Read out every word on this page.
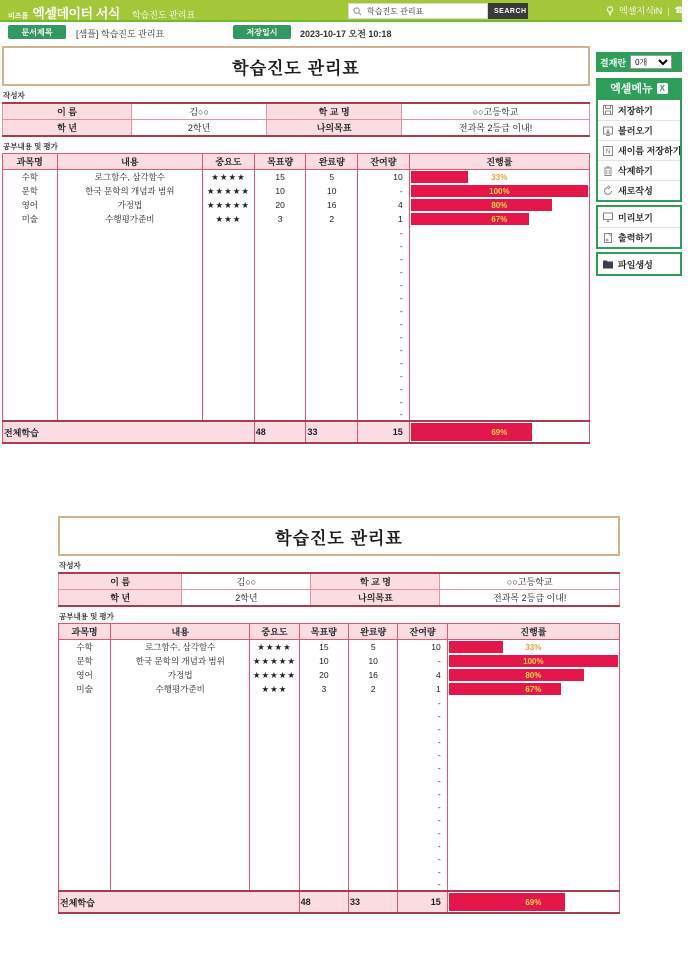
비즈폼 엑셀데이터 서식 학습진도 관리표
학습진도 관리표	SEARCH	엑셀지식iN | ☎ 엑
문서제목	[샘플] 학습진도 관리표	저장일시	2023-10-17 오전 10:18
학습진도 관리표
작성자
이 름	김○○	학 교 명	○○고등학교
학 년	2학년	나의목표	전과목 2등급 이내!
공부내용 및 평가
과목명	내용	중요도	목표량	완료량	잔여량	진행률
수학	로그함수, 삼각함수	★★★★	15	5	10	33%

문학	한국 문학의 개념과 범위	★★★★★	10	10	-	100%

영어	가정법	★★★★★	20	16	4	80%

미술	수행평가준비	★★★	3	2	1	67%

					-	
					-	
					-	
					-	
					-	
					-	
					-	
					-	
					-	
					-	
					-	
					-	
					-	
					-	
					-	
전체학습			48	33	15	69%
학습진도 관리표
작성자
이 름	김○○	학 교 명	○○고등학교
학 년	2학년	나의목표	전과목 2등급 이내!
공부내용 및 평가
과목명	내용	중요도	목표량	완료량	잔여량	진행률
수학	로그함수, 삼각함수	★★★★	15	5	10	33%

문학	한국 문학의 개념과 범위	★★★★★	10	10	-	100%

영어	가정법	★★★★★	20	16	4	80%

미술	수행평가준비	★★★	3	2	1	67%

					-	
					-	
					-	
					-	
					-	
					-	
					-	
					-	
					-	
					-	
					-	
					-	
					-	
					-	
					-	
전체학습			48	33	15	69%
결재란
0개
엑셀메뉴 X
저장하기
불러오기
N 새이름 저장하기
삭제하기
새로작성
미리보기
출력하기
파일생성
